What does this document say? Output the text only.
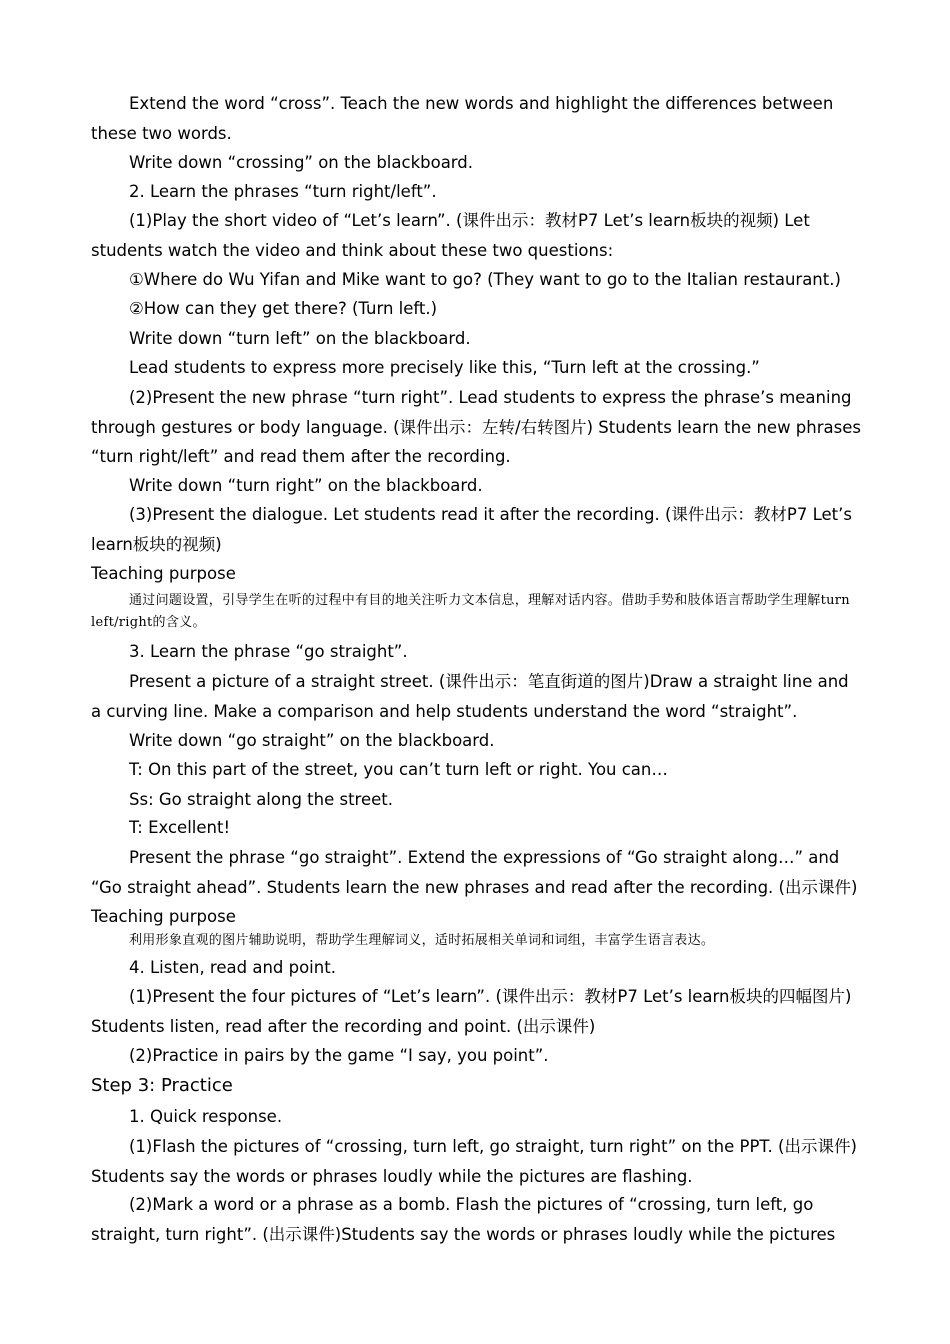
Extend the word “cross”. Teach the new words and highlight the differences between these two words.

Write down “crossing” on the blackboard.

2. Learn the phrases “turn right/left”.

(1)Play the short video of “Let’s learn”. (课件出示：教材P7 Let’s learn板块的视频) Let students watch the video and think about these two questions:

①Where do Wu Yifan and Mike want to go? (They want to go to the Italian restaurant.)

②How can they get there? (Turn left.)

Write down “turn left” on the blackboard.

Lead students to express more precisely like this, “Turn left at the crossing.”

(2)Present the new phrase “turn right”. Lead students to express the phrase’s meaning through gestures or body language. (课件出示：左转/右转图片) Students learn the new phrases “turn right/left” and read them after the recording.

Write down “turn right” on the blackboard.

(3)Present the dialogue. Let students read it after the recording. (课件出示：教材P7 Let’s learn板块的视频)

Teaching purpose

通过问题设置，引导学生在听的过程中有目的地关注听力文本信息，理解对话内容。借助手势和肢体语言帮助学生理解turn left/right的含义。

3. Learn the phrase “go straight”.

Present a picture of a straight street. (课件出示：笔直街道的图片)Draw a straight line and a curving line. Make a comparison and help students understand the word “straight”.

Write down “go straight” on the blackboard.

T: On this part of the street, you can’t turn left or right. You can…

Ss: Go straight along the street.

T: Excellent!

Present the phrase “go straight”. Extend the expressions of “Go straight along…” and “Go straight ahead”. Students learn the new phrases and read after the recording. (出示课件)

Teaching purpose

利用形象直观的图片辅助说明，帮助学生理解词义，适时拓展相关单词和词组，丰富学生语言表达。

4. Listen, read and point.

(1)Present the four pictures of “Let’s learn”. (课件出示：教材P7 Let’s learn板块的四幅图片) Students listen, read after the recording and point. (出示课件)

(2)Practice in pairs by the game “I say, you point”.

Step 3: Practice

1. Quick response.

(1)Flash the pictures of “crossing, turn left, go straight, turn right” on the PPT. (出示课件) Students say the words or phrases loudly while the pictures are flashing.

(2)Mark a word or a phrase as a bomb. Flash the pictures of “crossing, turn left, go straight, turn right”. (出示课件)Students say the words or phrases loudly while the pictures
